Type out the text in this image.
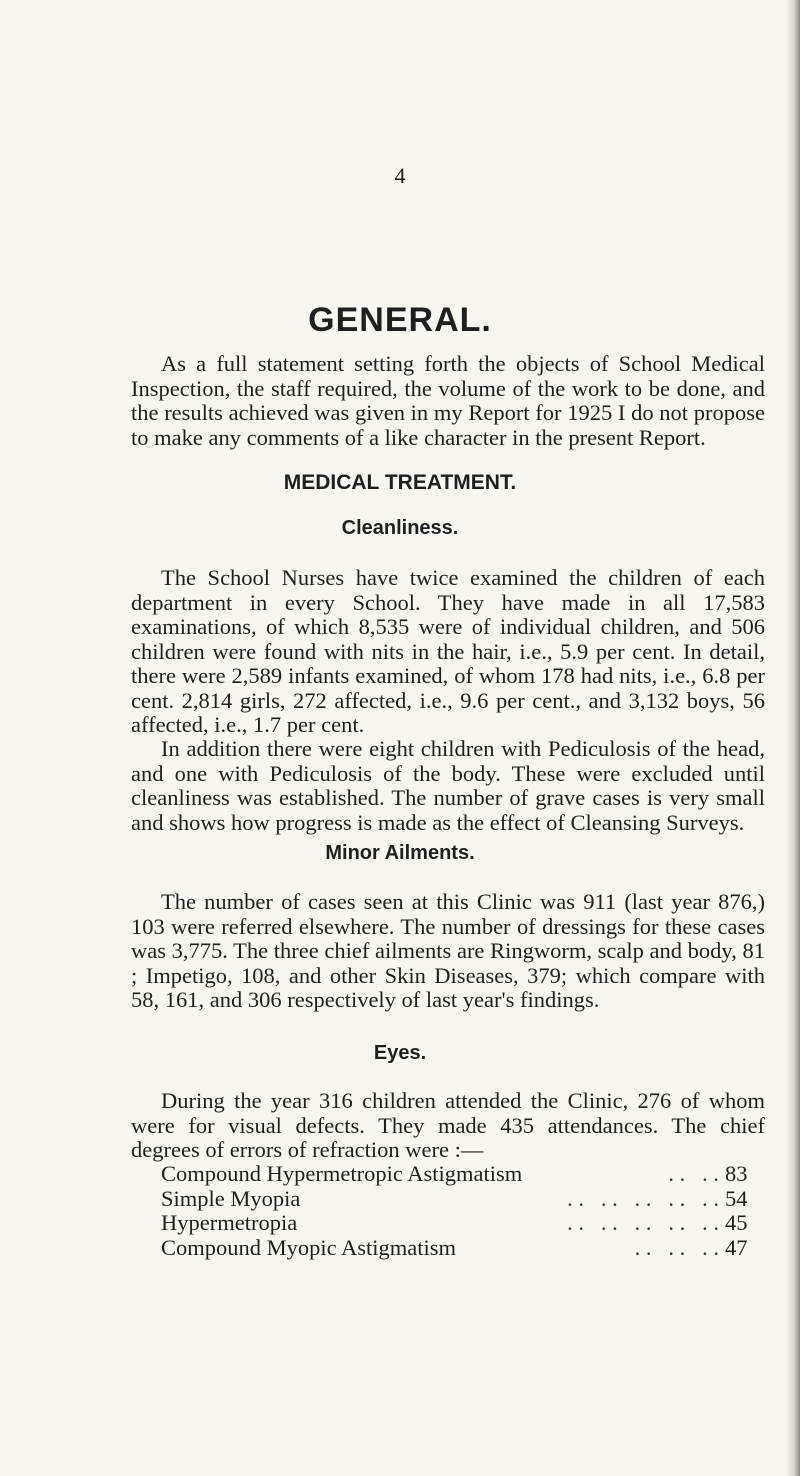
4
GENERAL.

As a full statement setting forth the objects of School Medical Inspection, the staff required, the volume of the work to be done, and the results achieved was given in my Report for 1925 I do not propose to make any comments of a like character in the present Report.

MEDICAL TREATMENT.
Cleanliness.

The School Nurses have twice examined the children of each department in every School. They have made in all 17,583 examinations, of which 8,535 were of individual children, and 506 children were found with nits in the hair, i.e., 5.9 per cent. In detail, there were 2,589 infants examined, of whom 178 had nits, i.e., 6.8 per cent. 2,814 girls, 272 affected, i.e., 9.6 per cent., and 3,132 boys, 56 affected, i.e., 1.7 per cent.

In addition there were eight children with Pediculosis of the head, and one with Pediculosis of the body. These were excluded until cleanliness was established. The number of grave cases is very small and shows how progress is made as the effect of Cleansing Surveys.

Minor Ailments.

The number of cases seen at this Clinic was 911 (last year 876,) 103 were referred elsewhere. The number of dressings for these cases was 3,775. The three chief ailments are Ringworm, scalp and body, 81 ; Impetigo, 108, and other Skin Diseases, 379; which compare with 58, 161, and 306 respectively of last year's findings.

Eyes.

During the year 316 children attended the Clinic, 276 of whom were for visual defects. They made 435 attendances. The chief degrees of errors of refraction were :—

Compound Hypermetropic Astigmatism	. .   . . 83
Simple Myopia	. .   . .   . .   . .   . . 54
Hypermetropia	. .   . .   . .   . .   . . 45
Compound Myopic Astigmatism	. .   . .   . . 47
